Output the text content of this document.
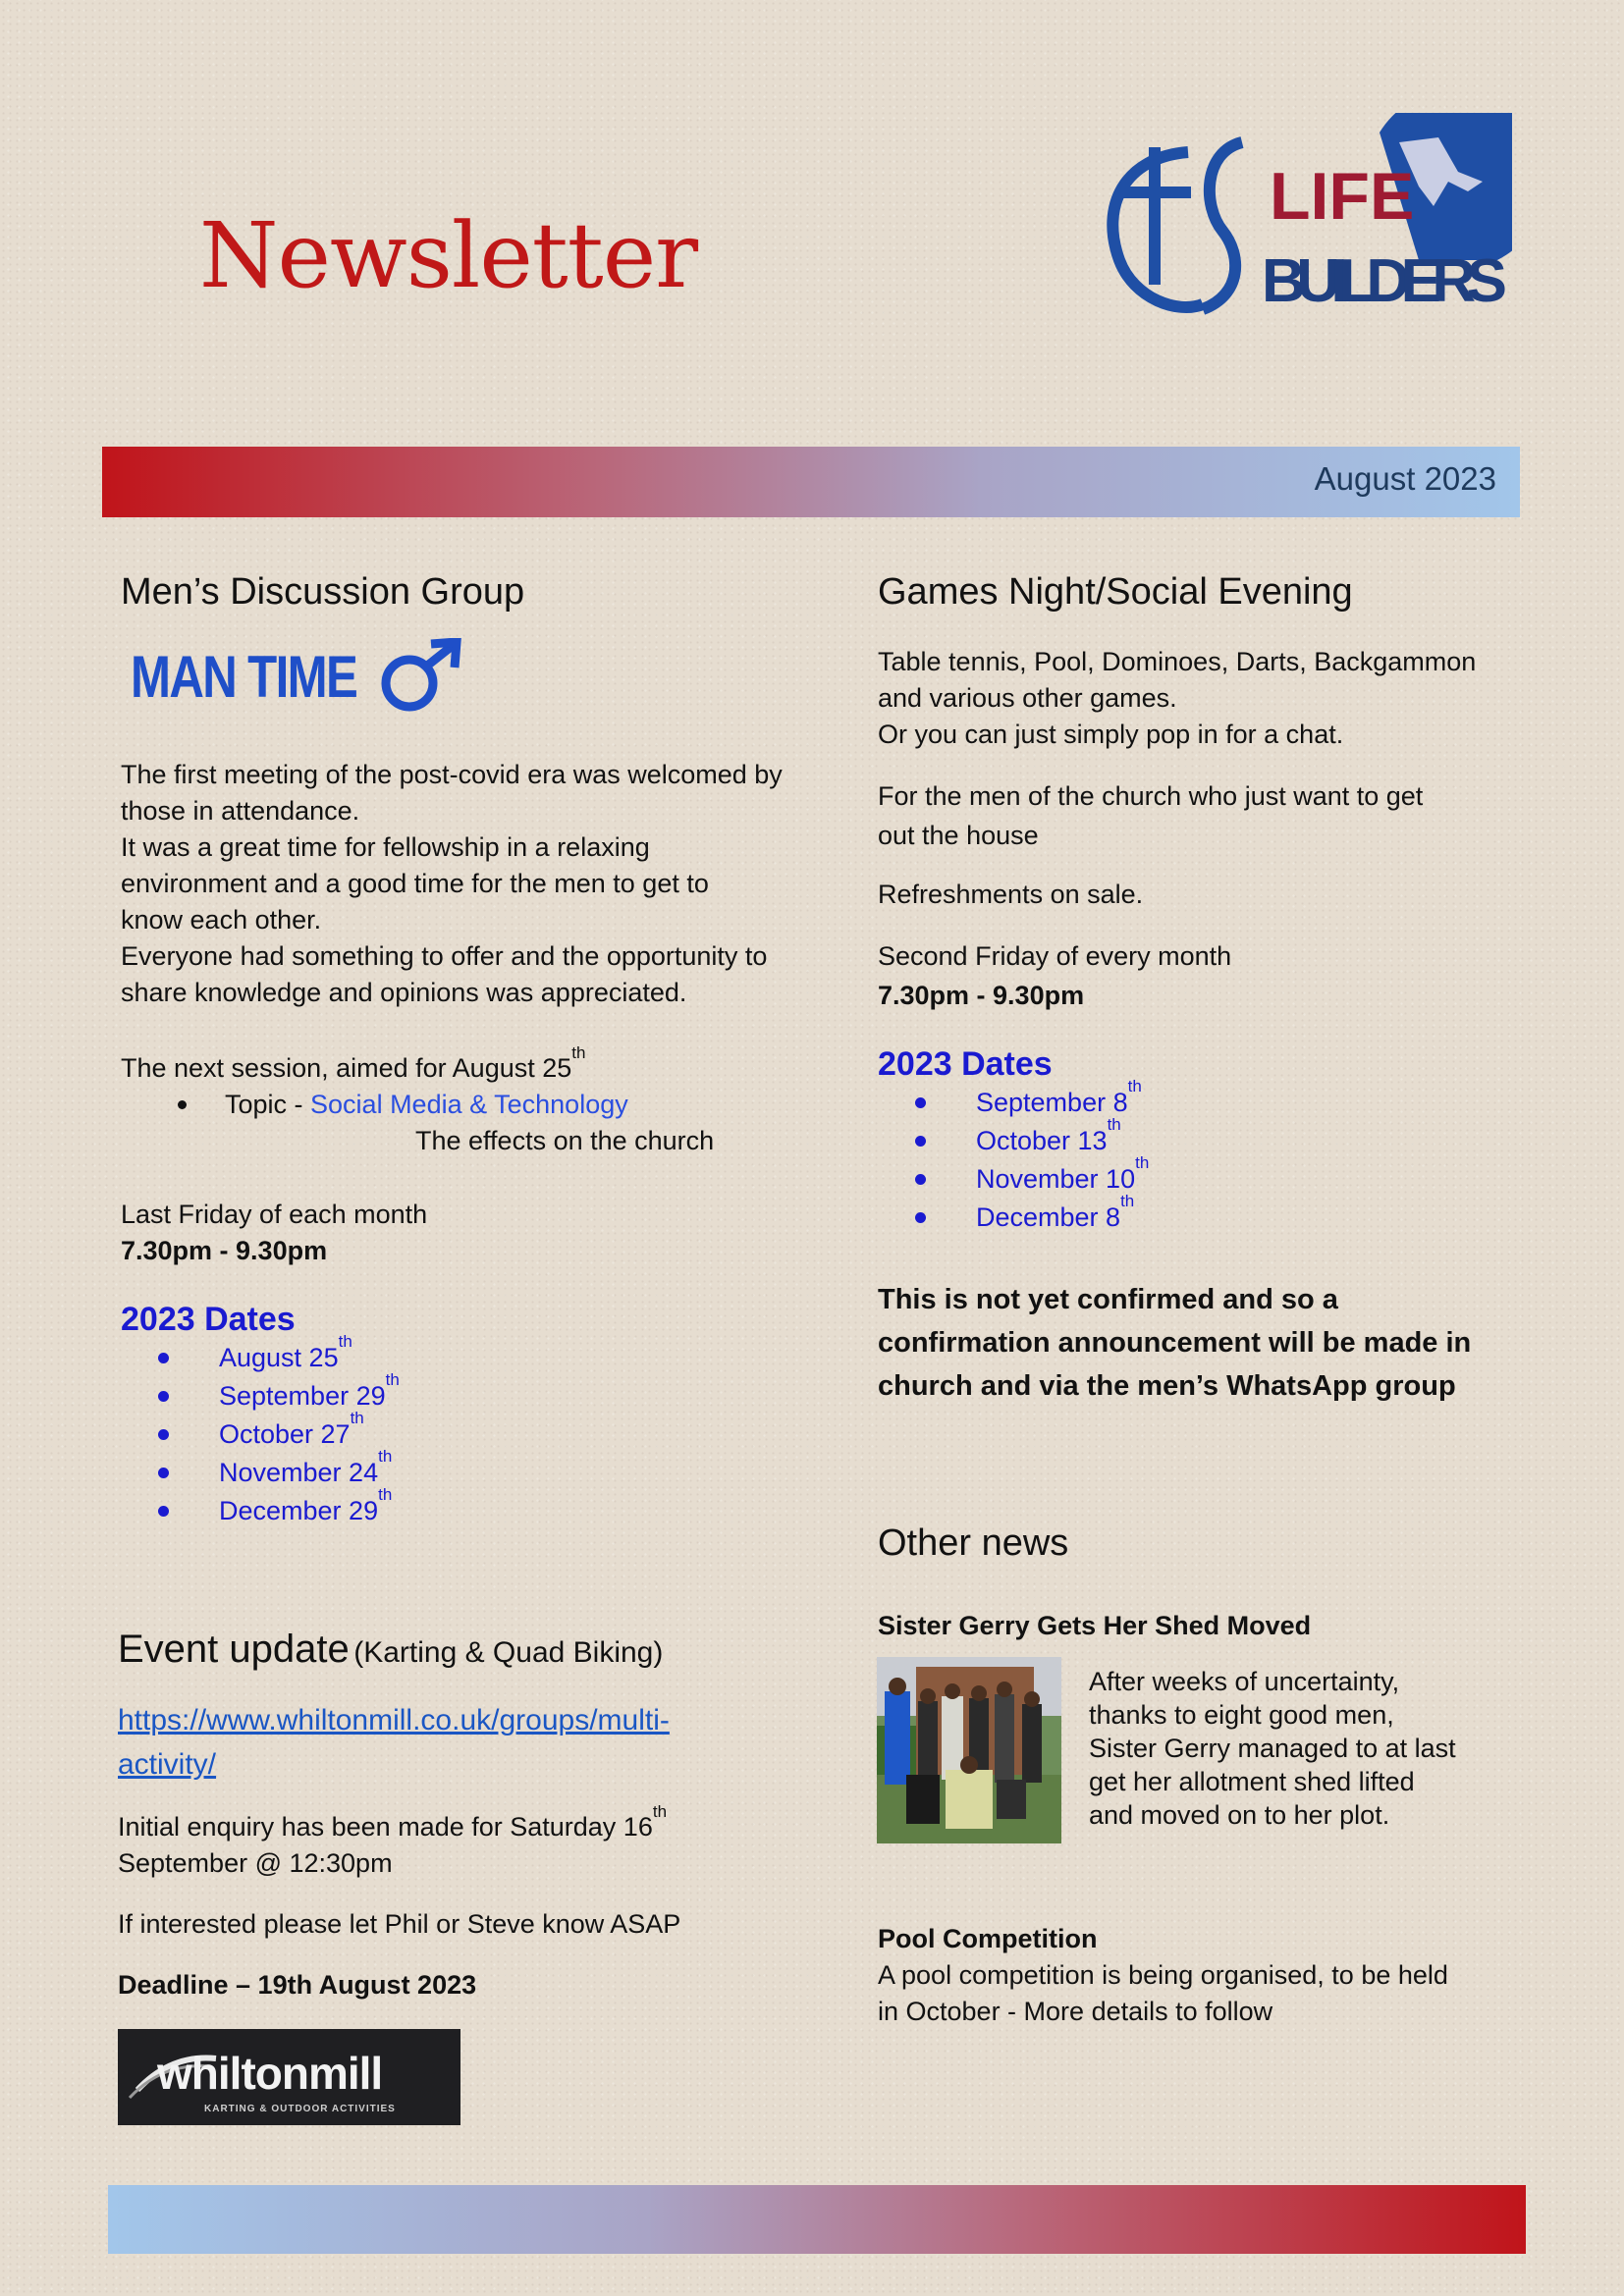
Newsletter
LIFE
BUILDERS
August 2023
Men’s Discussion Group
MAN TIME

The first meeting of the post-covid era was welcomed by

those in attendance.

It was a great time for fellowship in a relaxing

environment and a good time for the men to get to

know each other.

Everyone had something to offer and the opportunity to

share knowledge and opinions was appreciated.

The next session, aimed for August 25th

Topic - Social Media & Technology

The effects on the church

Last Friday of each month

7.30pm - 9.30pm

2023 Dates
August 25th
September 29th
October 27th
November 24th
December 29th
Event update (Karting & Quad Biking)
https://www.whiltonmill.co.uk/groups/multi-
activity/

Initial enquiry has been made for Saturday 16th

September @ 12:30pm

If interested please let Phil or Steve know ASAP

Deadline – 19th August 2023

whiltonmill
KARTING & OUTDOOR ACTIVITIES
Games Night/Social Evening

Table tennis, Pool, Dominoes, Darts, Backgammon

and various other games.

Or you can just simply pop in for a chat.

For the men of the church who just want to get

out the house

Refreshments on sale.

Second Friday of every month

7.30pm - 9.30pm

2023 Dates
September 8th
October 13th
November 10th
December 8th

This is not yet confirmed and so a

confirmation announcement will be made in

church and via the men’s WhatsApp group

Other news

Sister Gerry Gets Her Shed Moved

After weeks of uncertainty,

thanks to eight good men,

Sister Gerry managed to at last

get her allotment shed lifted

and moved on to her plot.

Pool Competition

A pool competition is being organised, to be held

in October - More details to follow
